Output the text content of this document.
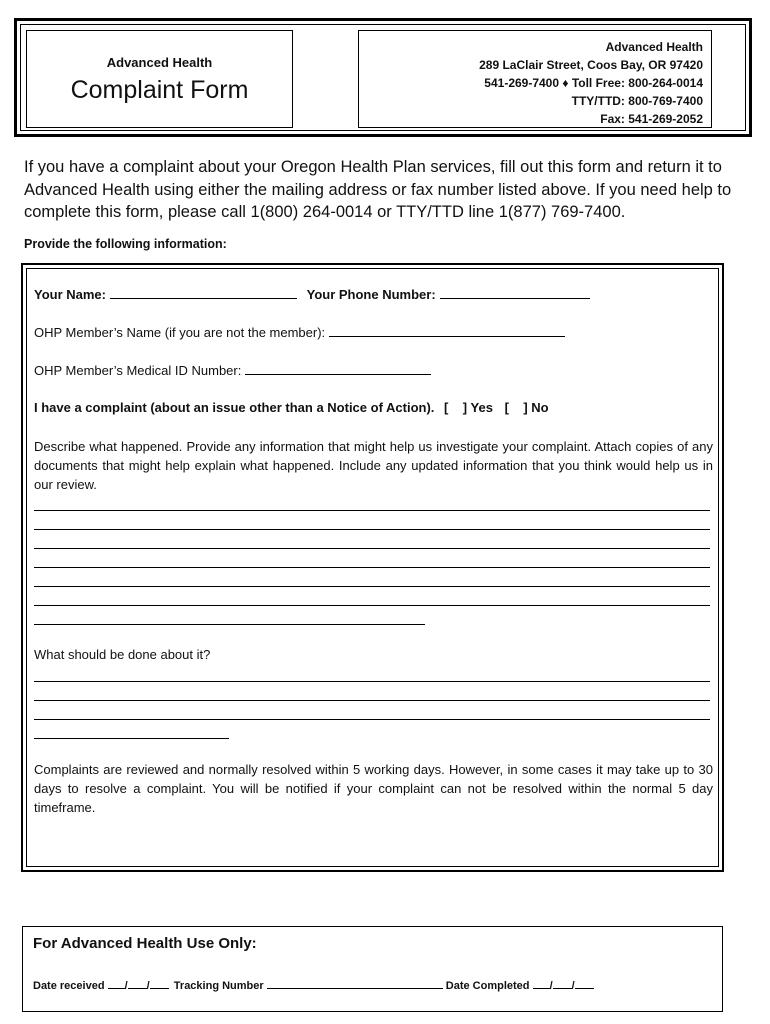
Advanced Health
Complaint Form
Advanced Health
289 LaClair Street, Coos Bay, OR 97420
541-269-7400 ♦ Toll Free: 800-264-0014
TTY/TTD: 800-769-7400
Fax: 541-269-2052
If you have a complaint about your Oregon Health Plan services, fill out this form and return it to Advanced Health using either the mailing address or fax number listed above. If you need help to complete this form, please call 1(800) 264-0014 or TTY/TTD line 1(877) 769-7400.
Provide the following information:
Your Name:	Your Phone Number:
OHP Member’s Name (if you are not the member):
OHP Member’s Medical ID Number:
I have a complaint (about an issue other than a Notice of Action). [    ] Yes [    ] No
Describe what happened. Provide any information that might help us investigate your complaint. Attach copies of any documents that might help explain what happened. Include any updated information that you think would help us in our review.
What should be done about it?
Complaints are reviewed and normally resolved within 5 working days. However, in some cases it may take up to 30 days to resolve a complaint. You will be notified if your complaint can not be resolved within the normal 5 day timeframe.
For Advanced Health Use Only:
Date received / / Tracking Number	Date Completed / /
